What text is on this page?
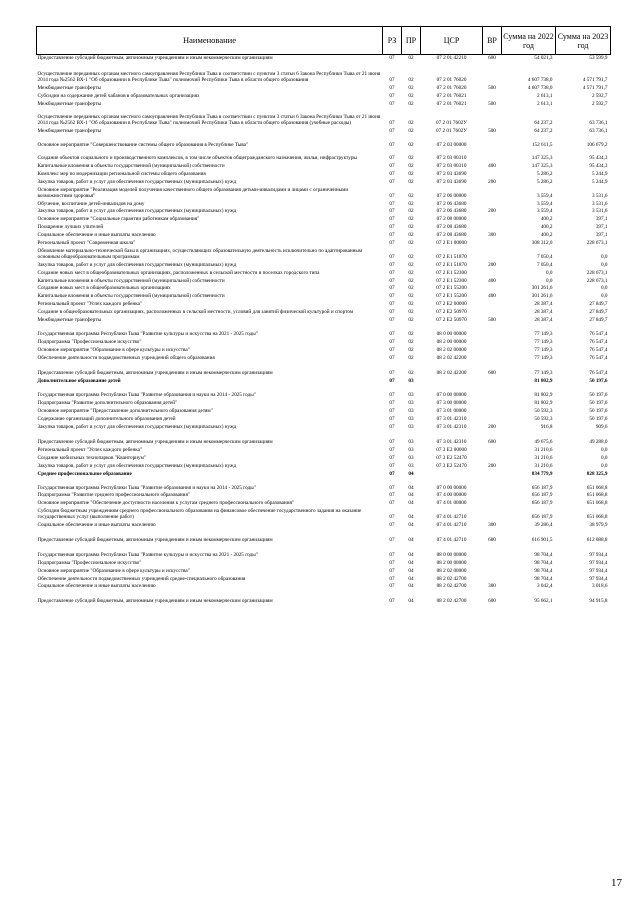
Наименование	РЗ	ПР	ЦСР	ВР	Сумма на 2022 год	Сумма на 2023 год
Предоставление субсидий бюджетным, автономным учреждениям и иным некоммерческим организациям	07	02	07 2 01 42210	600	54 021,3	53 599,9
Осуществление переданных органам местного самоуправления Республики Тыва в соответствии с пунктом 3 статьи 6 Закона Республики Тыва от 21 июня 2014 года №2562 ВХ-1 "Об образовании в Республике Тыва" полномочий Республики Тыва в области общего образования	07	02	07 2 01 76020		4 607 738,0	4 571 791,7
Межбюджетные трансферты	07	02	07 2 01 76020	500	4 607 738,0	4 571 791,7
Субсидии на содержание детей чабанов в образовательных организациях	07	02	07 2 01 76021		2 613,1	2 592,7
Межбюджетные трансферты	07	02	07 2 01 76021	500	2 613,1	2 592,7
Осуществление переданных органам местного самоуправления Республики Тыва в соответствии с пунктом 3 статьи 6 Закона Республики Тыва от 21 июня 2014 года №2562 ВХ-1 "Об образовании в Республике Тыва" полномочий Республики Тыва в области общего образования (учебные расходы)	07	02	07 2 01 7602У		64 237,2	63 736,1
Межбюджетные трансферты	07	02	07 2 01 7602У	500	64 237,2	63 736,1
Основное мероприятие "Совершенствование системы общего образования в Республике Тыва"	07	02	07 2 03 00000		152 611,5	106 679,2
Создание объектов социального и производственного комплексов, в том числе объектов общегражданского назначения, жилья, инфраструктуры	07	02	07 2 03 00310		147 325,3	95 434,3
Капитальные вложения в объекты государственной (муниципальной) собственности	07	02	07 2 03 00310	400	147 325,3	95 434,3
Комплекс мер по модернизации региональной системы общего образования	07	02	07 2 03 43690		5 286,2	5 244,9
Закупка товаров, работ и услуг для обеспечения государственных (муниципальных) нужд	07	02	07 2 03 43690	200	5 286,2	5 244,9
Основное мероприятие "Реализация моделей получения качественного общего образования детьми-инвалидами и лицами с ограниченными возможностями здоровья"	07	02	07 2 06 00000		3 559,4	3 531,6
Обучение, воспитание детей-инвалидов на дому	07	02	07 2 06 43680		3 559,4	3 531,6
Закупка товаров, работ и услуг для обеспечения государственных (муниципальных) нужд	07	02	07 2 06 43680	200	3 559,4	3 531,6
Основное мероприятие "Социальные гарантии работникам образования"	07	02	07 2 08 00000		400,2	397,1
Поощрение лучших учителей	07	02	07 2 08 43680		400,2	397,1
Социальное обеспечение и иные выплаты населению	07	02	07 2 08 43680	300	400,2	397,1
Региональный проект "Современная школа"	07	02	07 2 E1 00000		308 312,0	228 673,1
Обновление материально-технической базы в организациях, осуществляющих образовательную деятельность исключительно по адаптированным основным общеобразовательным программам	07	02	07 2 E1 51870		7 050,4	0,0
Закупка товаров, работ и услуг для обеспечения государственных (муниципальных) нужд	07	02	07 2 E1 51870	200	7 050,4	0,0
Создание новых мест в общеобразовательных организациях, расположенных в сельской местности и поселках городского типа	07	02	07 2 E1 52300		0,0	228 673,1
Капитальные вложения в объекты государственной (муниципальной) собственности	07	02	07 2 E1 52300	400	0,0	228 673,1
Создание новых мест в общеобразовательных организациях	07	02	07 2 E1 55200		301 261,6	0,0
Капитальные вложения в объекты государственной (муниципальной) собственности	07	02	07 2 E1 55200	400	301 261,6	0,0
Региональный проект "Успех каждого ребенка"	07	02	07 2 E2 00000		28 387,4	27 849,7
Создание в общеобразовательных организациях, расположенных в сельской местности, условий для занятий физической культурой и спортом	07	02	07 2 E2 50970		28 387,4	27 849,7
Межбюджетные трансферты	07	02	07 2 E2 50970	500	28 387,4	27 849,7
Государственная программа Республики Тыва "Развитие культуры и искусства на 2021 - 2025 годы"	07	02	08 0 00 00000		77 149,3	76 547,4
Подпрограмма "Профессиональное искусство"	07	02	08 2 00 00000		77 149,3	76 547,4
Основное мероприятие "Образование в сфере культуры и искусства"	07	02	08 2 02 00000		77 149,3	76 547,4
Обеспечение деятельности подведомственных учреждений общего образования	07	02	08 2 02 42200		77 149,3	76 547,4
Предоставление субсидий бюджетным, автономным учреждениям и иным некоммерческим организациям	07	02	08 2 02 42200	600	77 149,3	76 547,4
Дополнительное образование детей	07	03			81 802,9	50 197,6
Государственная программа Республики Тыва "Развитие образования и науки на 2014 - 2025 годы"	07	03	07 0 00 00000		81 802,9	50 197,6
Подпрограмма "Развитие дополнительного образования детей"	07	03	07 3 00 00000		81 802,9	50 197,6
Основное мероприятие "Предоставление дополнительного образования детям"	07	03	07 3 01 00000		50 592,3	50 197,6
Содержание организаций дополнительного образования детей	07	03	07 3 01 42310		50 592,3	50 197,6
Закупка товаров, работ и услуг для обеспечения государственных (муниципальных) нужд	07	03	07 3 01 42310	200	916,8	909,6
Предоставление субсидий бюджетным, автономным учреждениям и иным некоммерческим организациям	07	03	07 3 01 42310	600	49 675,6	49 288,0
Региональный проект "Успех каждого ребенка"	07	03	07 3 E2 00000		31 210,6	0,0
Создание мобильных технопарков "Кванториум"	07	03	07 3 E2 52470		31 210,6	0,0
Закупка товаров, работ и услуг для обеспечения государственных (муниципальных) нужд	07	03	07 3 E2 52470	200	31 210,6	0,0
Среднее профессиональное образование	07	04			834 779,9	828 325,9
Государственная программа Республики Тыва "Развитие образования и науки на 2014 - 2025 годы"	07	04	07 0 00 00000		656 187,9	651 068,8
Подпрограмма "Развитие среднего профессионального образования"	07	04	07 4 00 00000		656 187,9	651 068,8
Основное мероприятие "Обеспечение доступности населения к услугам среднего профессионального образования"	07	04	07 4 01 00000		656 187,9	651 068,8
Субсидии бюджетным учреждениям среднего профессионального образования на финансовое обеспечение государственного задания на оказание государственных услуг (выполнение работ)	07	04	07 4 01 42710		656 187,9	651 068,8
Социальное обеспечение и иные выплаты населению	07	04	07 4 01 42710	300	39 286,4	38 979,9
Предоставление субсидий бюджетным, автономным учреждениям и иным некоммерческим организациям	07	04	07 4 01 42710	600	616 901,5	612 088,8
Государственная программа Республики Тыва "Развитие культуры и искусства на 2021 - 2025 годы"	07	04	08 0 00 00000		98 704,4	97 934,4
Подпрограмма "Профессиональное искусство"	07	04	08 2 00 00000		98 704,4	97 934,4
Основное мероприятие "Образование в сфере культуры и искусства"	07	04	08 2 02 00000		98 704,4	97 934,4
Обеспечение деятельности подведомственных учреждений средне-специального образования	07	04	08 2 02 42700		98 704,4	97 934,4
Социальное обеспечение и иные выплаты населению	07	04	08 2 02 42700	300	3 042,4	3 018,6
Предоставление субсидий бюджетным, автономным учреждениям и иным некоммерческим организациям	07	04	08 2 02 42700	600	95 662,1	94 915,8
17
